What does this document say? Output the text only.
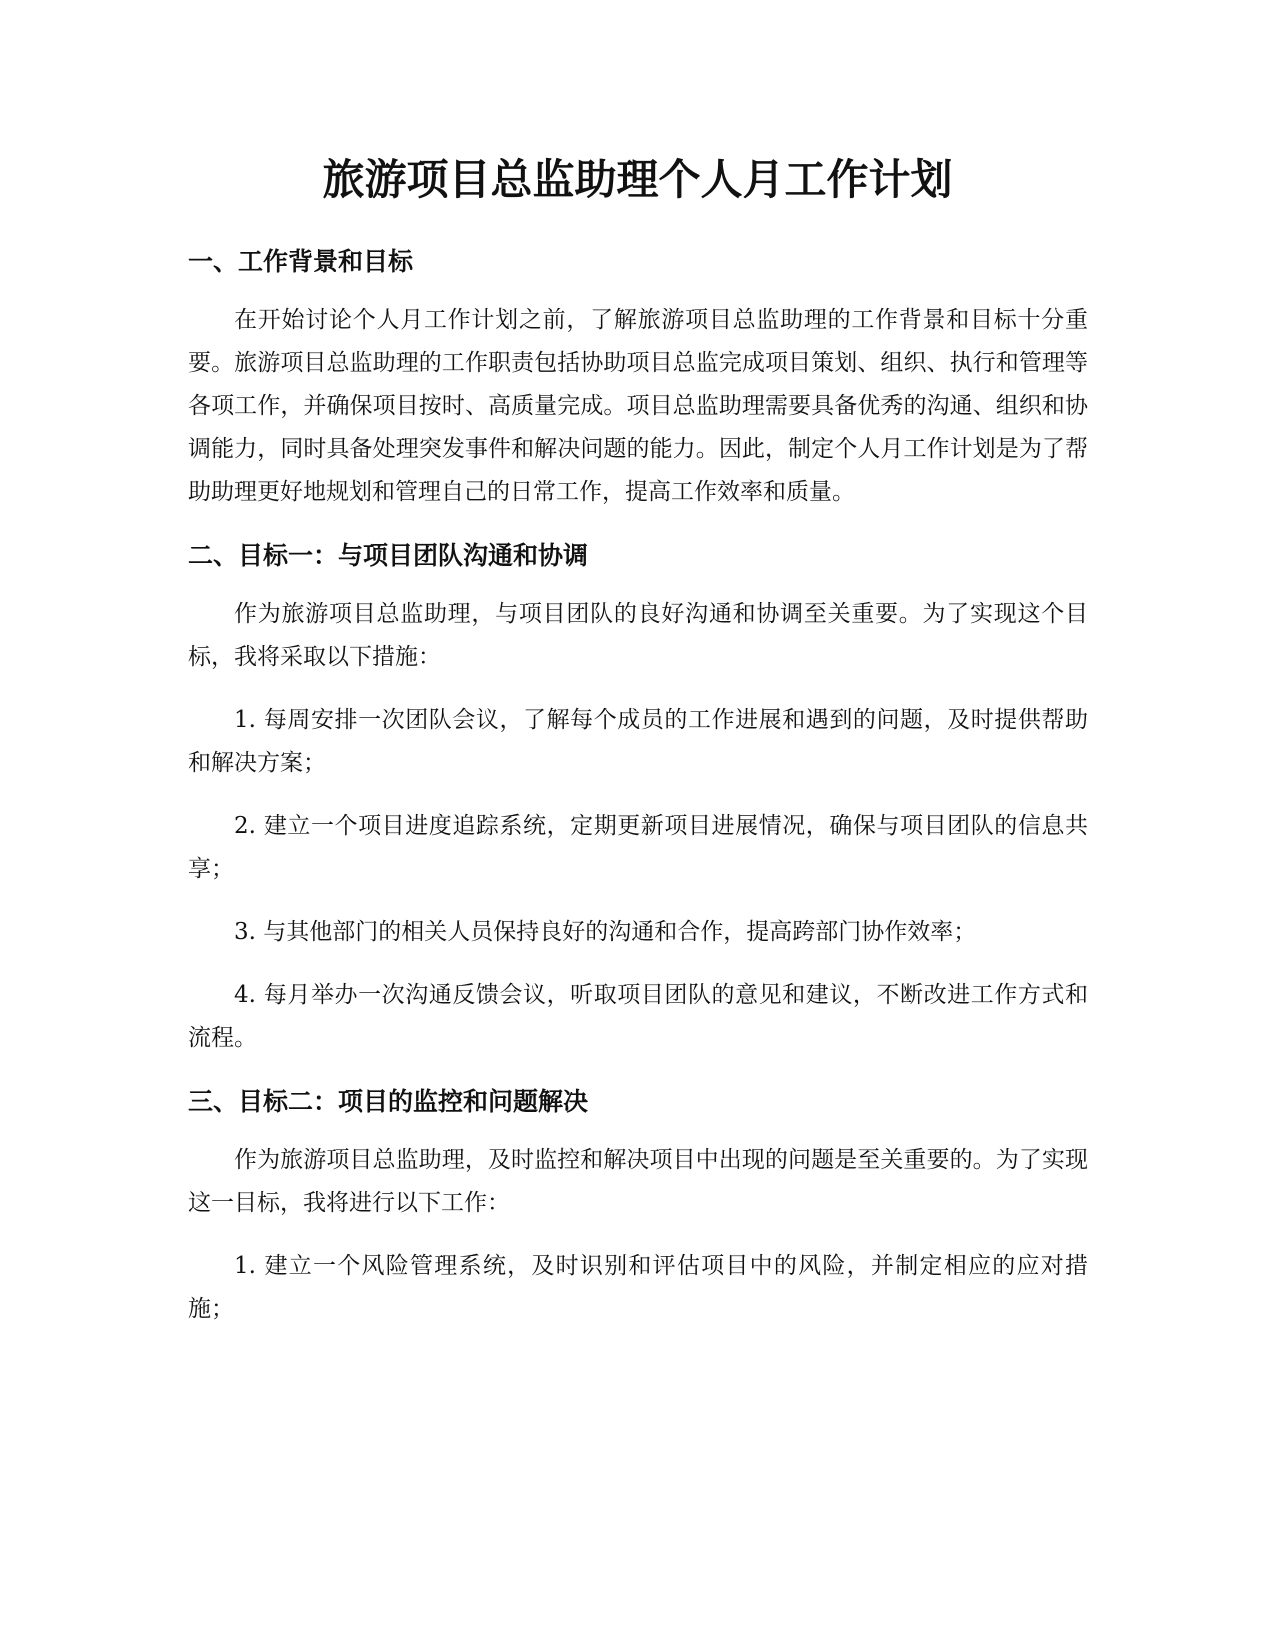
旅游项目总监助理个人月工作计划
一、工作背景和目标

在开始讨论个人月工作计划之前，了解旅游项目总监助理的工作背景和目标十分重要。旅游项目总监助理的工作职责包括协助项目总监完成项目策划、组织、执行和管理等各项工作，并确保项目按时、高质量完成。项目总监助理需要具备优秀的沟通、组织和协调能力，同时具备处理突发事件和解决问题的能力。因此，制定个人月工作计划是为了帮助助理更好地规划和管理自己的日常工作，提高工作效率和质量。

二、目标一：与项目团队沟通和协调

作为旅游项目总监助理，与项目团队的良好沟通和协调至关重要。为了实现这个目标，我将采取以下措施：

1. 每周安排一次团队会议，了解每个成员的工作进展和遇到的问题，及时提供帮助和解决方案；

2. 建立一个项目进度追踪系统，定期更新项目进展情况，确保与项目团队的信息共享；

3. 与其他部门的相关人员保持良好的沟通和合作，提高跨部门协作效率；

4. 每月举办一次沟通反馈会议，听取项目团队的意见和建议，不断改进工作方式和流程。

三、目标二：项目的监控和问题解决

作为旅游项目总监助理，及时监控和解决项目中出现的问题是至关重要的。为了实现这一目标，我将进行以下工作：

1. 建立一个风险管理系统，及时识别和评估项目中的风险，并制定相应的应对措施；
